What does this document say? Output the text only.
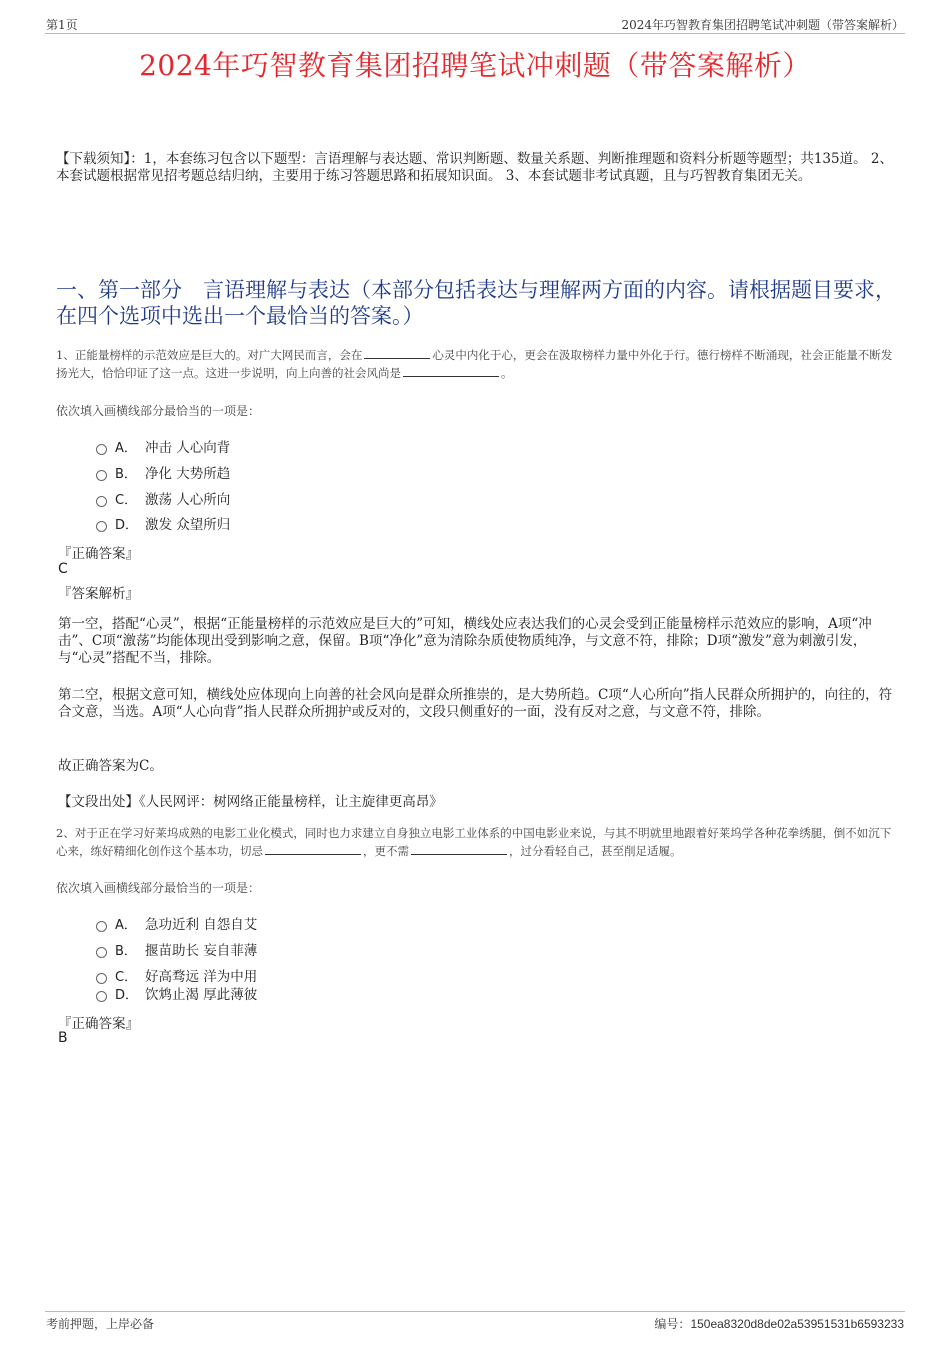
第1页	2024年巧智教育集团招聘笔试冲刺题（带答案解析）
2024年巧智教育集团招聘笔试冲刺题（带答案解析）
【下载须知】：1，本套练习包含以下题型：言语理解与表达题、常识判断题、数量关系题、判断推理题和资料分析题等题型；共135道。 2、本套试题根据常见招考题总结归纳，主要用于练习答题思路和拓展知识面。 3、本套试题非考试真题，且与巧智教育集团无关。
一、第一部分　言语理解与表达（本部分包括表达与理解两方面的内容。请根据题目要求，在四个选项中选出一个最恰当的答案。）
1、正能量榜样的示范效应是巨大的。对广大网民而言，会在	心灵中内化于心，更会在汲取榜样力量中外化于行。德行榜样不断涌现，社会正能量不断发扬光大，恰恰印证了这一点。这进一步说明，向上向善的社会风尚是	。
依次填入画横线部分最恰当的一项是：
A． 冲击 人心向背
B． 净化 大势所趋
C． 激荡 人心所向
D． 激发 众望所归
『正确答案』
C
『答案解析』
第一空，搭配“心灵”，根据“正能量榜样的示范效应是巨大的”可知，横线处应表达我们的心灵会受到正能量榜样示范效应的影响，A项“冲击”、C项“激荡”均能体现出受到影响之意，保留。B项“净化”意为清除杂质使物质纯净，与文意不符，排除；D项“激发”意为刺激引发，与“心灵”搭配不当，排除。
第二空，根据文意可知，横线处应体现向上向善的社会风向是群众所推崇的，是大势所趋。C项“人心所向”指人民群众所拥护的，向往的，符合文意，当选。A项“人心向背”指人民群众所拥护或反对的，文段只侧重好的一面，没有反对之意，与文意不符，排除。
故正确答案为C。
【文段出处】《人民网评：树网络正能量榜样，让主旋律更高昂》
2、对于正在学习好莱坞成熟的电影工业化模式，同时也力求建立自身独立电影工业体系的中国电影业来说，与其不明就里地跟着好莱坞学各种花拳绣腿，倒不如沉下心来，练好精细化创作这个基本功，切忌	，更不需	，过分看轻自己，甚至削足适履。
依次填入画横线部分最恰当的一项是：
A． 急功近利 自怨自艾
B． 揠苗助长 妄自菲薄
C． 好高骛远 洋为中用
D． 饮鸩止渴 厚此薄彼
『正确答案』
B
考前押题，上岸必备	编号：150ea8320d8de02a53951531b6593233
